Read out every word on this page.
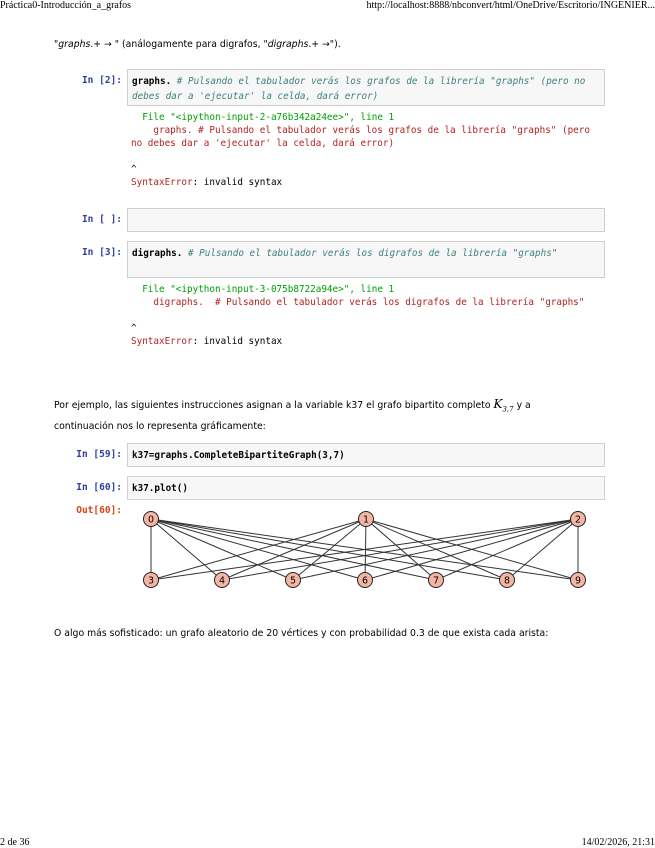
Práctica0-Introducción_a_grafos	http://localhost:8888/nbconvert/html/OneDrive/Escritorio/INGENIER...
"graphs.+ → " (análogamente para digrafos, "digraphs.+ →").
In [2]:	graphs. # Pulsando el tabulador verás los grafos de la librería "graphs" (pero no debes dar a 'ejecutar' la celda, dará error)
File "<ipython-input-2-a76b342a24ee>", line 1
graphs. # Pulsando el tabulador verás los grafos de la librería "graphs" (pero no debes dar a 'ejecutar' la celda, dará error)

^
SyntaxError: invalid syntax
In [ ]:
In [3]:	digraphs. # Pulsando el tabulador verás los digrafos de la librería "graphs"
File "<ipython-input-3-075b8722a94e>", line 1
digraphs.  # Pulsando el tabulador verás los digrafos de la librería "graphs"

^
SyntaxError: invalid syntax
Por ejemplo, las siguientes instrucciones asignan a la variable k37 el grafo bipartito completo $K_{3,7}$ y a
continuación nos lo representa gráficamente:
In [59]:	k37=graphs.CompleteBipartiteGraph(3,7)
In [60]:	k37.plot()
Out[60]:
0	1	2
3	4	5	6	7	8	9
O algo más sofisticado: un grafo aleatorio de 20 vértices y con probabilidad 0.3 de que exista cada arista:
2 de 36	14/02/2026, 21:31
